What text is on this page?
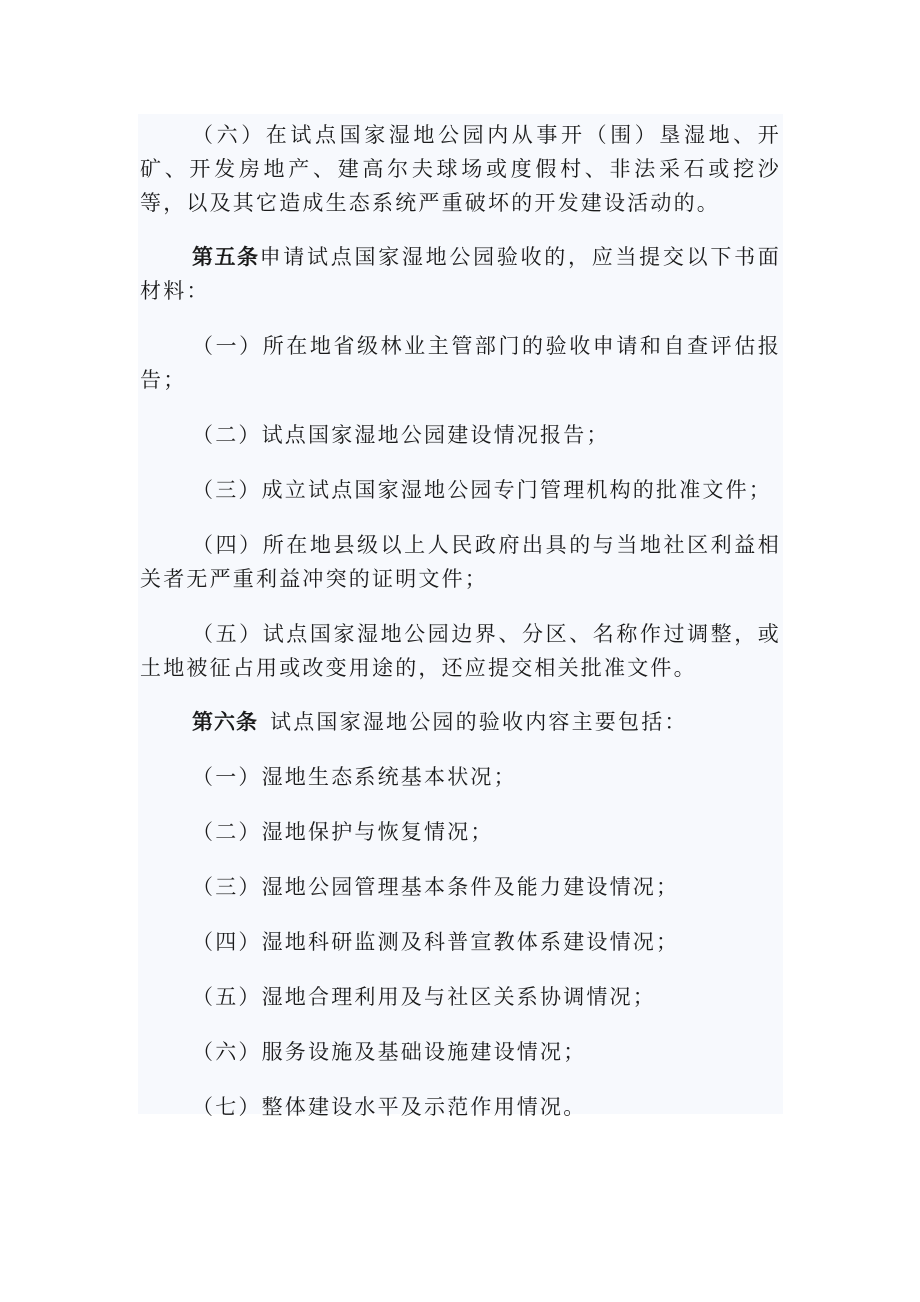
（六）在试点国家湿地公园内从事开（围）垦湿地、开矿、开发房地产、建高尔夫球场或度假村、非法采石或挖沙等，以及其它造成生态系统严重破坏的开发建设活动的。

第五条申请试点国家湿地公园验收的，应当提交以下书面材料：

（一）所在地省级林业主管部门的验收申请和自查评估报告；

（二）试点国家湿地公园建设情况报告；

（三）成立试点国家湿地公园专门管理机构的批准文件；

（四）所在地县级以上人民政府出具的与当地社区利益相关者无严重利益冲突的证明文件；

（五）试点国家湿地公园边界、分区、名称作过调整，或土地被征占用或改变用途的，还应提交相关批准文件。

第六条 试点国家湿地公园的验收内容主要包括：

（一）湿地生态系统基本状况；

（二）湿地保护与恢复情况；

（三）湿地公园管理基本条件及能力建设情况；

（四）湿地科研监测及科普宣教体系建设情况；

（五）湿地合理利用及与社区关系协调情况；

（六）服务设施及基础设施建设情况；

（七）整体建设水平及示范作用情况。
